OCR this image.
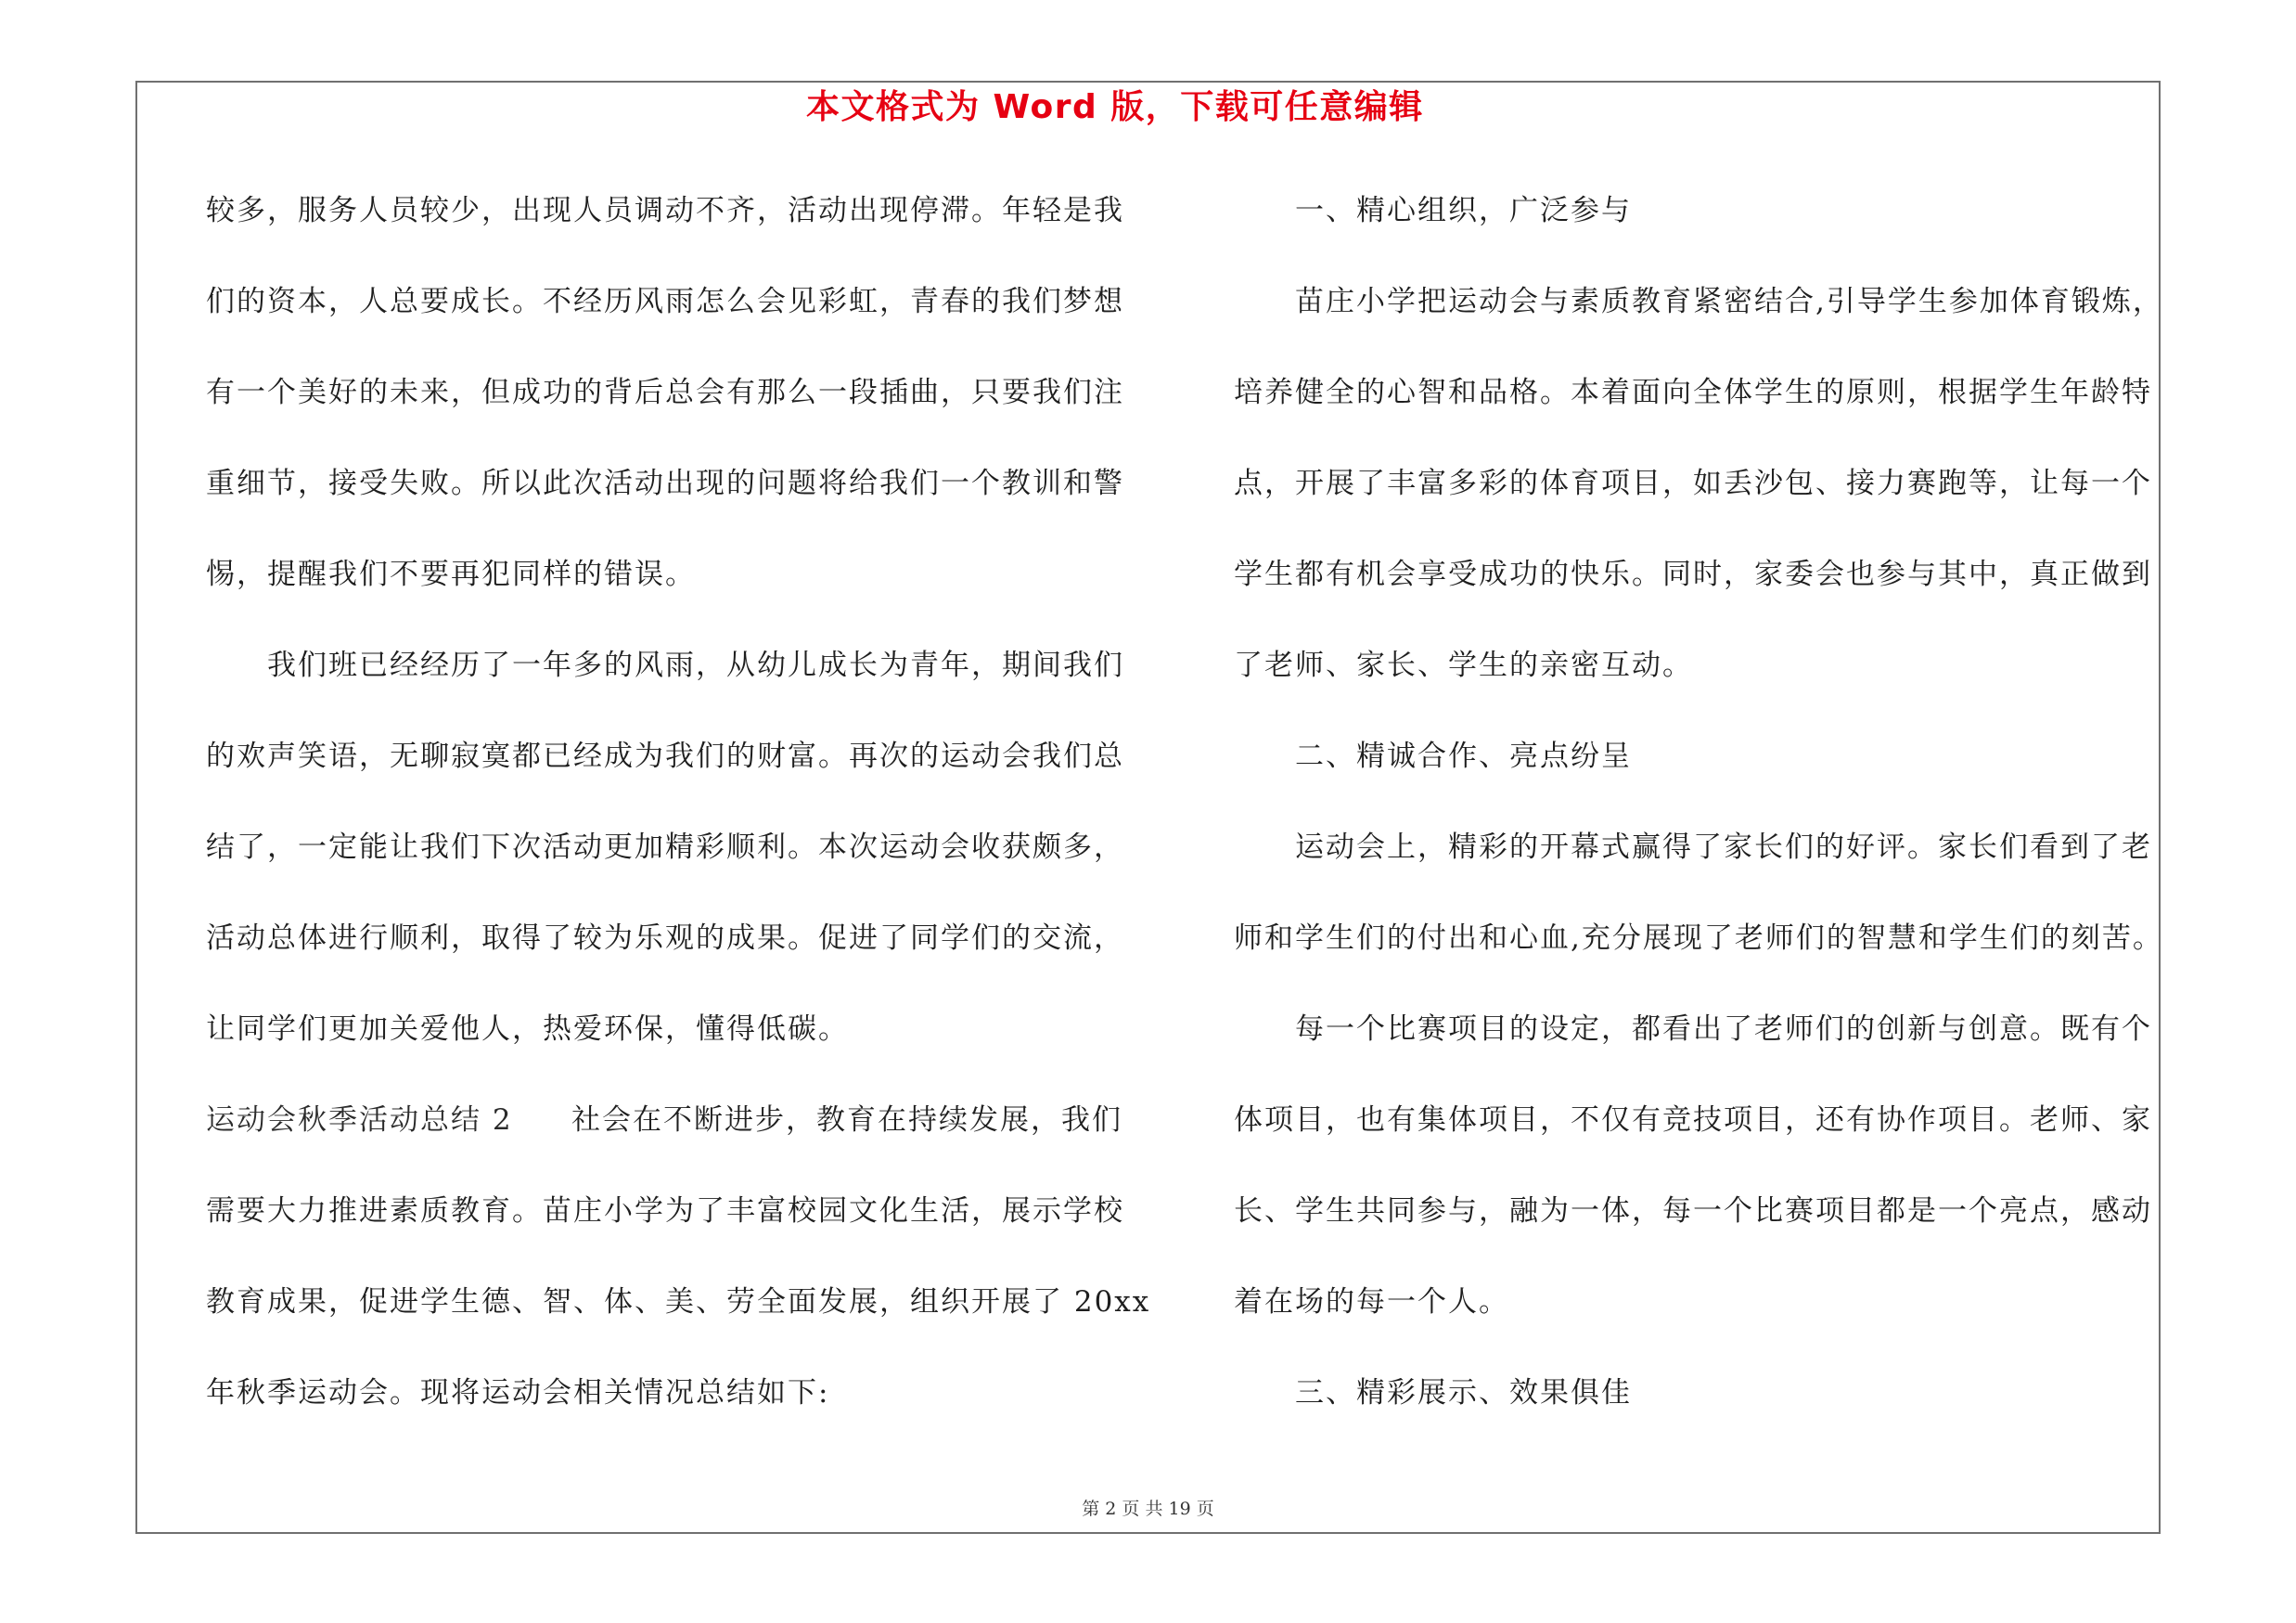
本文格式为 Word 版，下载可任意编辑
较多，服务人员较少，出现人员调动不齐，活动出现停滞。年轻是我
们的资本，人总要成长。不经历风雨怎么会见彩虹，青春的我们梦想
有一个美好的未来，但成功的背后总会有那么一段插曲，只要我们注
重细节，接受失败。所以此次活动出现的问题将给我们一个教训和警
惕，提醒我们不要再犯同样的错误。
我们班已经经历了一年多的风雨，从幼儿成长为青年，期间我们
的欢声笑语，无聊寂寞都已经成为我们的财富。再次的运动会我们总
结了，一定能让我们下次活动更加精彩顺利。本次运动会收获颇多，
活动总体进行顺利，取得了较为乐观的成果。促进了同学们的交流，
让同学们更加关爱他人，热爱环保，懂得低碳。
运动会秋季活动总结 2 社会在不断进步，教育在持续发展，我们
需要大力推进素质教育。苗庄小学为了丰富校园文化生活，展示学校
教育成果，促进学生德、智、体、美、劳全面发展，组织开展了 20xx
年秋季运动会。现将运动会相关情况总结如下:
一、精心组织，广泛参与
苗庄小学把运动会与素质教育紧密结合,引导学生参加体育锻炼，
培养健全的心智和品格。本着面向全体学生的原则，根据学生年龄特
点，开展了丰富多彩的体育项目，如丢沙包、接力赛跑等，让每一个
学生都有机会享受成功的快乐。同时，家委会也参与其中，真正做到
了老师、家长、学生的亲密互动。
二、精诚合作、亮点纷呈
运动会上，精彩的开幕式赢得了家长们的好评。家长们看到了老
师和学生们的付出和心血,充分展现了老师们的智慧和学生们的刻苦。
每一个比赛项目的设定，都看出了老师们的创新与创意。既有个
体项目，也有集体项目，不仅有竞技项目，还有协作项目。老师、家
长、学生共同参与，融为一体，每一个比赛项目都是一个亮点，感动
着在场的每一个人。
三、精彩展示、效果俱佳
第 2 页 共 19 页
